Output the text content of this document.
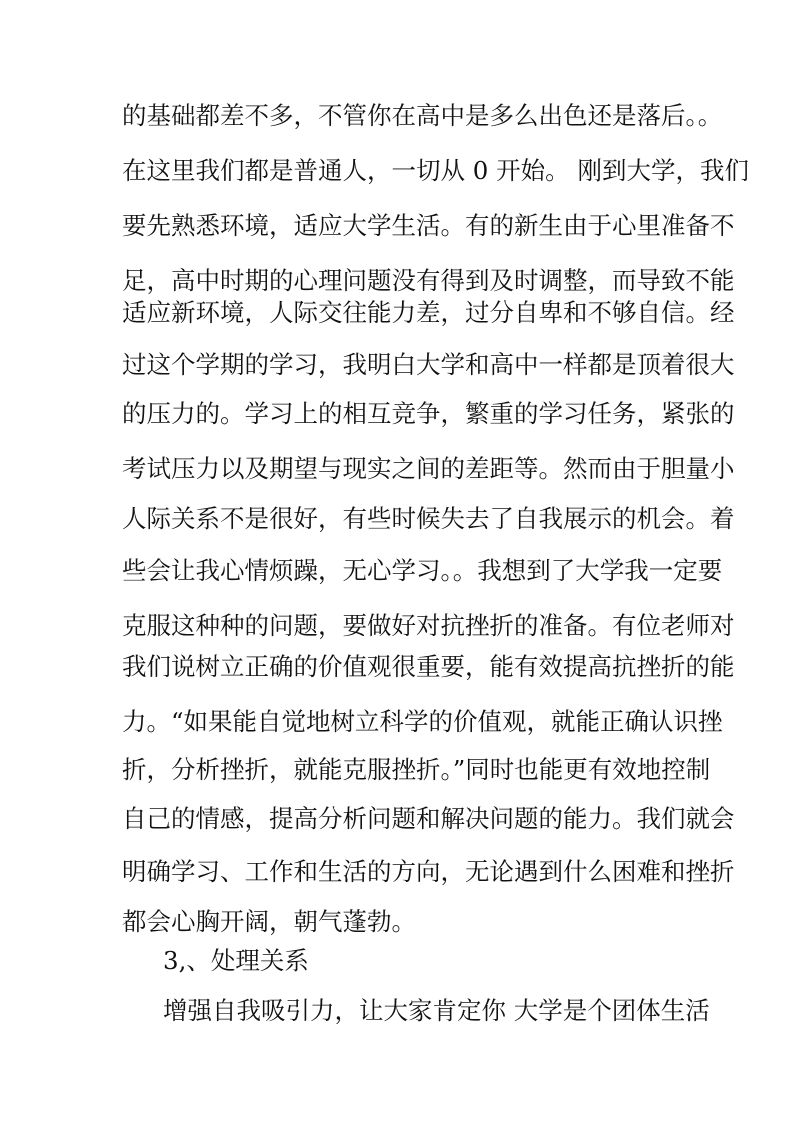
的基础都差不多，不管你在高中是多么出色还是落后。。
在这里我们都是普通人，一切从 0 开始。 刚到大学，我们
要先熟悉环境，适应大学生活。有的新生由于心里准备不
足，高中时期的心理问题没有得到及时调整，而导致不能
适应新环境，人际交往能力差，过分自卑和不够自信。经
过这个学期的学习，我明白大学和高中一样都是顶着很大
的压力的。学习上的相互竞争，繁重的学习任务，紧张的
考试压力以及期望与现实之间的差距等。然而由于胆量小
人际关系不是很好，有些时候失去了自我展示的机会。着
些会让我心情烦躁，无心学习。。我想到了大学我一定要
克服这种种的问题，要做好对抗挫折的准备。有位老师对
我们说树立正确的价值观很重要，能有效提高抗挫折的能
力。“如果能自觉地树立科学的价值观，就能正确认识挫
折，分析挫折，就能克服挫折。”同时也能更有效地控制
自己的情感，提高分析问题和解决问题的能力。我们就会
明确学习、工作和生活的方向，无论遇到什么困难和挫折
都会心胸开阔，朝气蓬勃。
3,、处理关系
增强自我吸引力，让大家肯定你 大学是个团体生活
